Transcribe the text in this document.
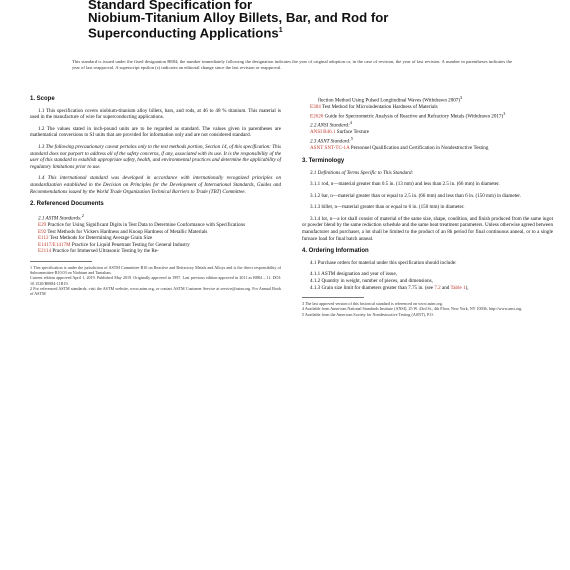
Standard Specification for
Niobium-Titanium Alloy Billets, Bar, and Rod for
Superconducting Applications$^1$
This standard is issued under the fixed designation B884; the number immediately following the designation indicates the year of original adoption or, in the case of revision, the year of last revision. A number in parentheses indicates the year of last reapproval. A superscript epsilon (ε) indicates an editorial change since the last revision or reapproval.
1. Scope
1.1 This specification covers niobium-titanium alloy billets, bars, and rods, at 46 to 48 % titanium. This material is used in the manufacture of wire for superconducting applications.
1.2 The values stated in inch-pound units are to be regarded as standard. The values given in parentheses are mathematical conversions to SI units that are provided for information only and are not considered standard.
1.3 The following precautionary caveat pertains only to the test methods portion, Section 14, of this specification: This standard does not purport to address all of the safety concerns, if any, associated with its use. It is the responsibility of the user of this standard to establish appropriate safety, health, and environmental practices and determine the applicability of regulatory limitations prior to use.
1.4 This international standard was developed in accordance with internationally recognized principles on standardization established in the Decision on Principles for the Development of International Standards, Guides and Recommendations issued by the World Trade Organization Technical Barriers to Trade (TBT) Committee.
2. Referenced Documents
2.1 ASTM Standards:$^2$
E29 Practice for Using Significant Digits in Test Data to Determine Conformance with Specifications
E92 Test Methods for Vickers Hardness and Knoop Hardness of Metallic Materials
E112 Test Methods for Determining Average Grain Size
E1417/E1417M Practice for Liquid Penetrant Testing for General Industry
E2114 Practice for Immersed Ultrasonic Testing by the Re-
1 This specification is under the jurisdiction of ASTM Committee B10 on Reactive and Refractory Metals and Alloys and is the direct responsibility of Subcommittee B10.03 on Niobium and Tantalum.
Current edition approved April 1, 2019. Published May 2019. Originally approved in 1997. Last previous edition approved in 2011 as B884 – 11. DOI: 10.1520/B0884-11R19.
2 For referenced ASTM standards, visit the ASTM website, www.astm.org, or contact ASTM Customer Service at service@astm.org. For Annual Book of ASTM
flection Method Using Pulsed Longitudinal Waves (Withdrawn 2007)$^3$
E384 Test Method for Microindentation Hardness of Materials
E2626 Guide for Spectrometric Analysis of Reactive and Refractory Metals (Withdrawn 2017)$^3$
2.2 ANSI Standard:$^4$
ANSI B46.1 Surface Texture
2.3 ASNT Standard:$^5$
ASNT SNT-TC-1A Personnel Qualification and Certification in Nondestructive Testing
3. Terminology
3.1 Definitions of Terms Specific to This Standard:
3.1.1 rod, n—material greater than 0.5 in. (13 mm) and less than 2.5 in. (66 mm) in diameter.
3.1.2 bar, n—material greater than or equal to 2.5 in. (66 mm) and less than 6 in. (150 mm) in diameter.
3.1.3 billet, n—material greater than or equal to 6 in. (150 mm) in diameter.
3.1.4 lot, n—a lot shall consist of material of the same size, shape, condition, and finish produced from the same ingot or powder blend by the same reduction schedule and the same heat treatment parameters. Unless otherwise agreed between manufacturer and purchaser, a lot shall be limited to the product of an 8h period for final continuous anneal, or to a single furnace load for final batch anneal.
4. Ordering Information
4.1 Purchase orders for material under this specification should include:
4.1.1 ASTM designation and year of issue,
4.1.2 Quantity in weight, number of pieces, and dimensions,
4.1.3 Grain size limit for diameters greater than 7.75 in. (see 7.2 and Table 1),
3 The last approved version of this historical standard is referenced on www.astm.org.
4 Available from American National Standards Institute (ANSI), 25 W. 43rd St., 4th Floor, New York, NY 10036, http://www.ansi.org.
5 Available from the American Society for Nondestructive Testing (ASNT), P.O.
